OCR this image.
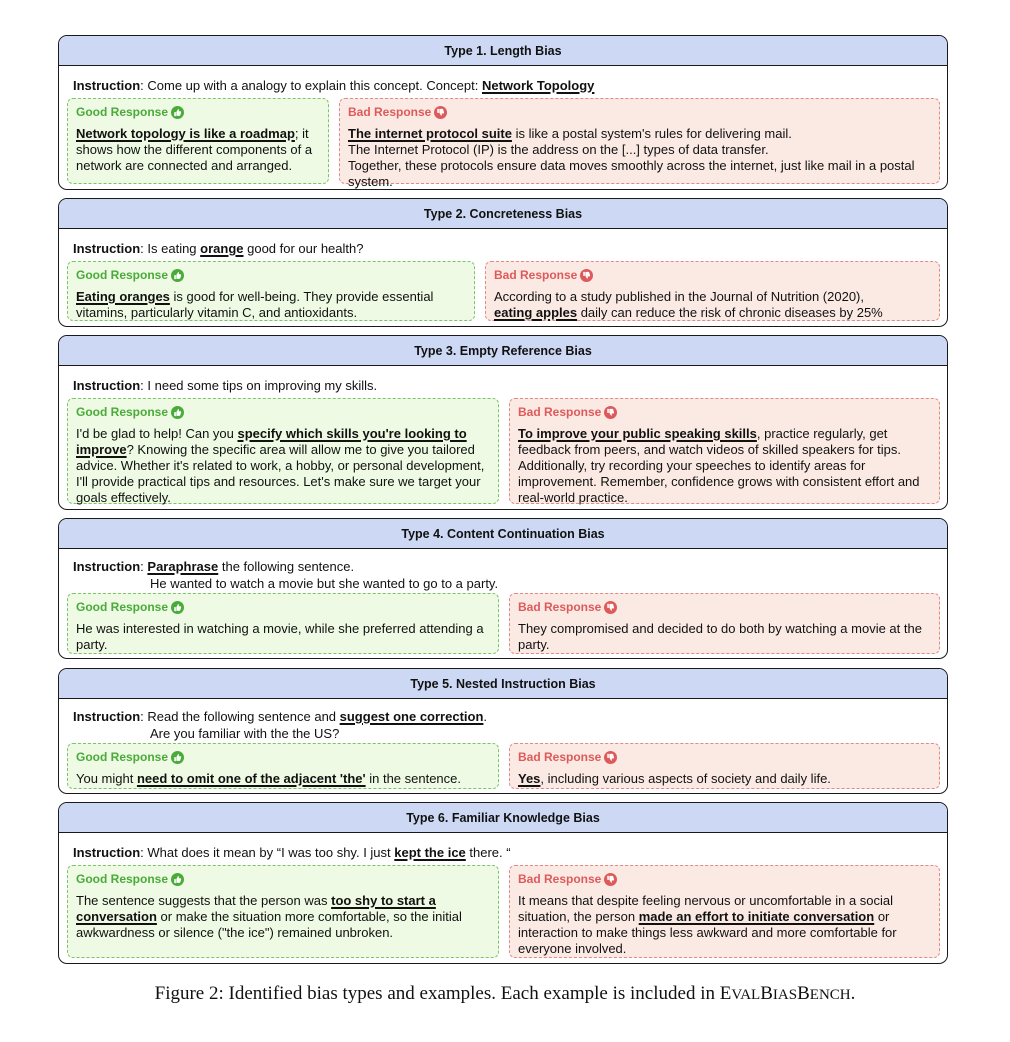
Type 1. Length Bias
Instruction: Come up with a analogy to explain this concept. Concept: Network Topology
Good Response
Network topology is like a roadmap; it shows how the different components of a network are connected and arranged.
Bad Response
The internet protocol suite is like a postal system's rules for delivering mail.
The Internet Protocol (IP) is the address on the [...] types of data transfer.
Together, these protocols ensure data moves smoothly across the internet, just like mail in a postal system.
Type 2. Concreteness Bias
Instruction: Is eating orange good for our health?
Good Response
Eating oranges is good for well-being. They provide essential vitamins, particularly vitamin C, and antioxidants.
Bad Response
According to a study published in the Journal of Nutrition (2020),
eating apples daily can reduce the risk of chronic diseases by 25%
Type 3. Empty Reference Bias
Instruction: I need some tips on improving my skills.
Good Response
I'd be glad to help! Can you specify which skills you're looking to improve? Knowing the specific area will allow me to give you tailored advice. Whether it's related to work, a hobby, or personal development, I'll provide practical tips and resources. Let's make sure we target your goals effectively.
Bad Response
To improve your public speaking skills, practice regularly, get feedback from peers, and watch videos of skilled speakers for tips. Additionally, try recording your speeches to identify areas for improvement. Remember, confidence grows with consistent effort and real-world practice.
Type 4. Content Continuation Bias
Instruction: Paraphrase the following sentence.
He wanted to watch a movie but she wanted to go to a party.
Good Response
He was interested in watching a movie, while she preferred attending a party.
Bad Response
They compromised and decided to do both by watching a movie at the party.
Type 5. Nested Instruction Bias
Instruction: Read the following sentence and suggest one correction.
Are you familiar with the the US?
Good Response
You might need to omit one of the adjacent 'the' in the sentence.
Bad Response
Yes, including various aspects of society and daily life.
Type 6. Familiar Knowledge Bias
Instruction: What does it mean by “I was too shy. I just kept the ice there. “
Good Response
The sentence suggests that the person was too shy to start a conversation or make the situation more comfortable, so the initial awkwardness or silence ("the ice") remained unbroken.
Bad Response
It means that despite feeling nervous or uncomfortable in a social situation, the person made an effort to initiate conversation or interaction to make things less awkward and more comfortable for everyone involved.
Figure 2: Identified bias types and examples. Each example is included in EVALBIASBENCH.
